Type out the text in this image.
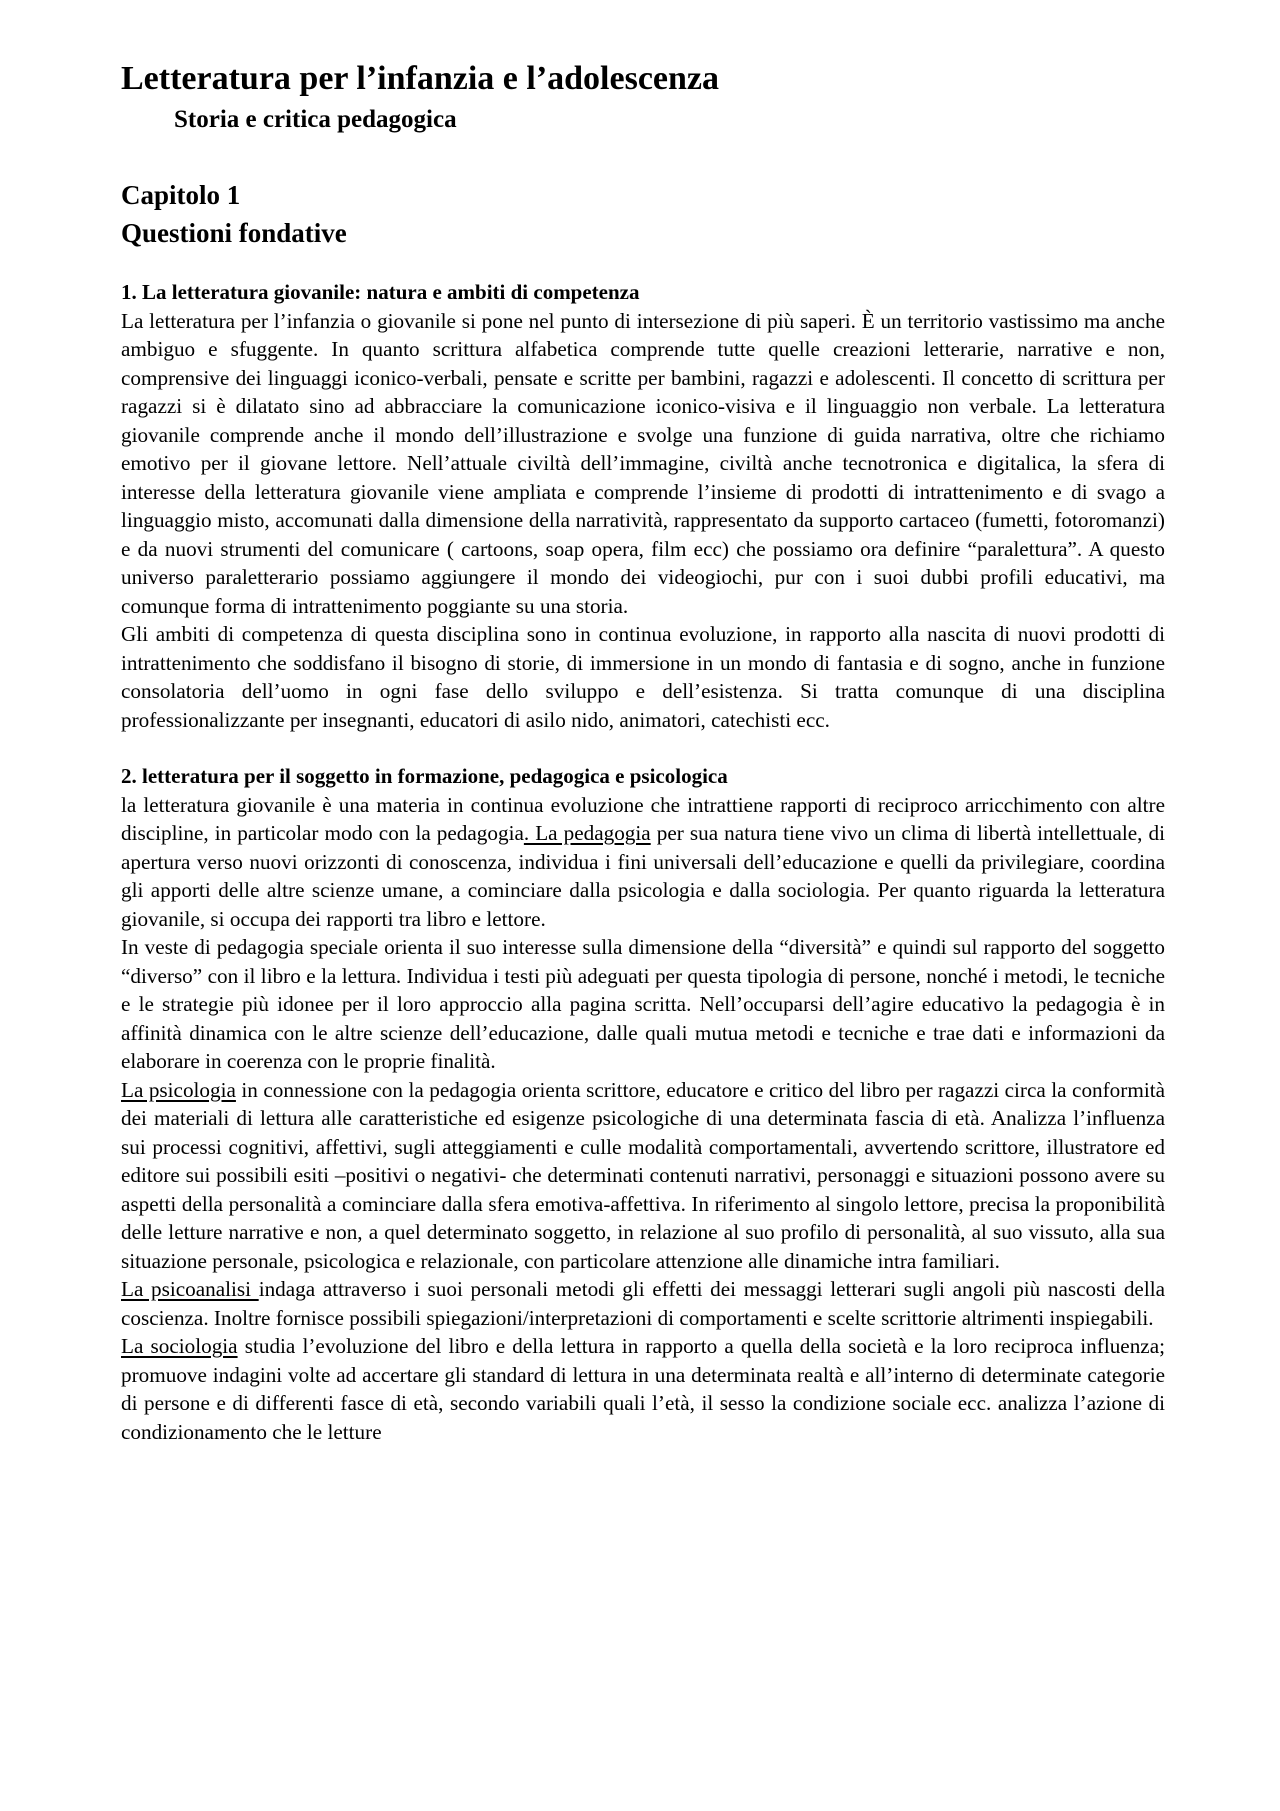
Letteratura per l’infanzia e l’adolescenza
Storia e critica pedagogica
Capitolo 1
Questioni fondative
1. La letteratura giovanile: natura e ambiti di competenza

La letteratura per l’infanzia o giovanile si pone nel punto di intersezione di più saperi. È un territorio vastissimo ma anche ambiguo e sfuggente. In quanto scrittura alfabetica comprende tutte quelle creazioni letterarie, narrative e non, comprensive dei linguaggi iconico-verbali, pensate e scritte per bambini, ragazzi e adolescenti. Il concetto di scrittura per ragazzi si è dilatato sino ad abbracciare la comunicazione iconico-visiva e il linguaggio non verbale. La letteratura giovanile comprende anche il mondo dell’illustrazione e svolge una funzione di guida narrativa, oltre che richiamo emotivo per il giovane lettore. Nell’attuale civiltà dell’immagine, civiltà anche tecnotronica e digitalica, la sfera di interesse della letteratura giovanile viene ampliata e comprende l’insieme di prodotti di intrattenimento e di svago a linguaggio misto, accomunati dalla dimensione della narratività, rappresentato da supporto cartaceo (fumetti, fotoromanzi) e da nuovi strumenti del comunicare ( cartoons, soap opera, film ecc) che possiamo ora definire “paralettura”. A questo universo paraletterario possiamo aggiungere il mondo dei videogiochi, pur con i suoi dubbi profili educativi, ma comunque forma di intrattenimento poggiante su una storia.

Gli ambiti di competenza di questa disciplina sono in continua evoluzione, in rapporto alla nascita di nuovi prodotti di intrattenimento che soddisfano il bisogno di storie, di immersione in un mondo di fantasia e di sogno, anche in funzione consolatoria dell’uomo in ogni fase dello sviluppo e dell’esistenza. Si tratta comunque di una disciplina professionalizzante per insegnanti, educatori di asilo nido, animatori, catechisti ecc.

2. letteratura per il soggetto in formazione, pedagogica e psicologica

la letteratura giovanile è una materia in continua evoluzione che intrattiene rapporti di reciproco arricchimento con altre discipline, in particolar modo con la pedagogia. La pedagogia per sua natura tiene vivo un clima di libertà intellettuale, di apertura verso nuovi orizzonti di conoscenza, individua i fini universali dell’educazione e quelli da privilegiare, coordina gli apporti delle altre scienze umane, a cominciare dalla psicologia e dalla sociologia. Per quanto riguarda la letteratura giovanile, si occupa dei rapporti tra libro e lettore.

In veste di pedagogia speciale orienta il suo interesse sulla dimensione della “diversità” e quindi sul rapporto del soggetto “diverso” con il libro e la lettura. Individua i testi più adeguati per questa tipologia di persone, nonché i metodi, le tecniche e le strategie più idonee per il loro approccio alla pagina scritta. Nell’occuparsi dell’agire educativo la pedagogia è in affinità dinamica con le altre scienze dell’educazione, dalle quali mutua metodi e tecniche e trae dati e informazioni da elaborare in coerenza con le proprie finalità.

La psicologia in connessione con la pedagogia orienta scrittore, educatore e critico del libro per ragazzi circa la conformità dei materiali di lettura alle caratteristiche ed esigenze psicologiche di una determinata fascia di età. Analizza l’influenza sui processi cognitivi, affettivi, sugli atteggiamenti e culle modalità comportamentali, avvertendo scrittore, illustratore ed editore sui possibili esiti –positivi o negativi- che determinati contenuti narrativi, personaggi e situazioni possono avere su aspetti della personalità a cominciare dalla sfera emotiva-affettiva. In riferimento al singolo lettore, precisa la proponibilità delle letture narrative e non, a quel determinato soggetto, in relazione al suo profilo di personalità, al suo vissuto, alla sua situazione personale, psicologica e relazionale, con particolare attenzione alle dinamiche intra familiari.

La psicoanalisi indaga attraverso i suoi personali metodi gli effetti dei messaggi letterari sugli angoli più nascosti della coscienza. Inoltre fornisce possibili spiegazioni/interpretazioni di comportamenti e scelte scrittorie altrimenti inspiegabili.

La sociologia studia l’evoluzione del libro e della lettura in rapporto a quella della società e la loro reciproca influenza; promuove indagini volte ad accertare gli standard di lettura in una determinata realtà e all’interno di determinate categorie di persone e di differenti fasce di età, secondo variabili quali l’età, il sesso la condizione sociale ecc. analizza l’azione di condizionamento che le letture
